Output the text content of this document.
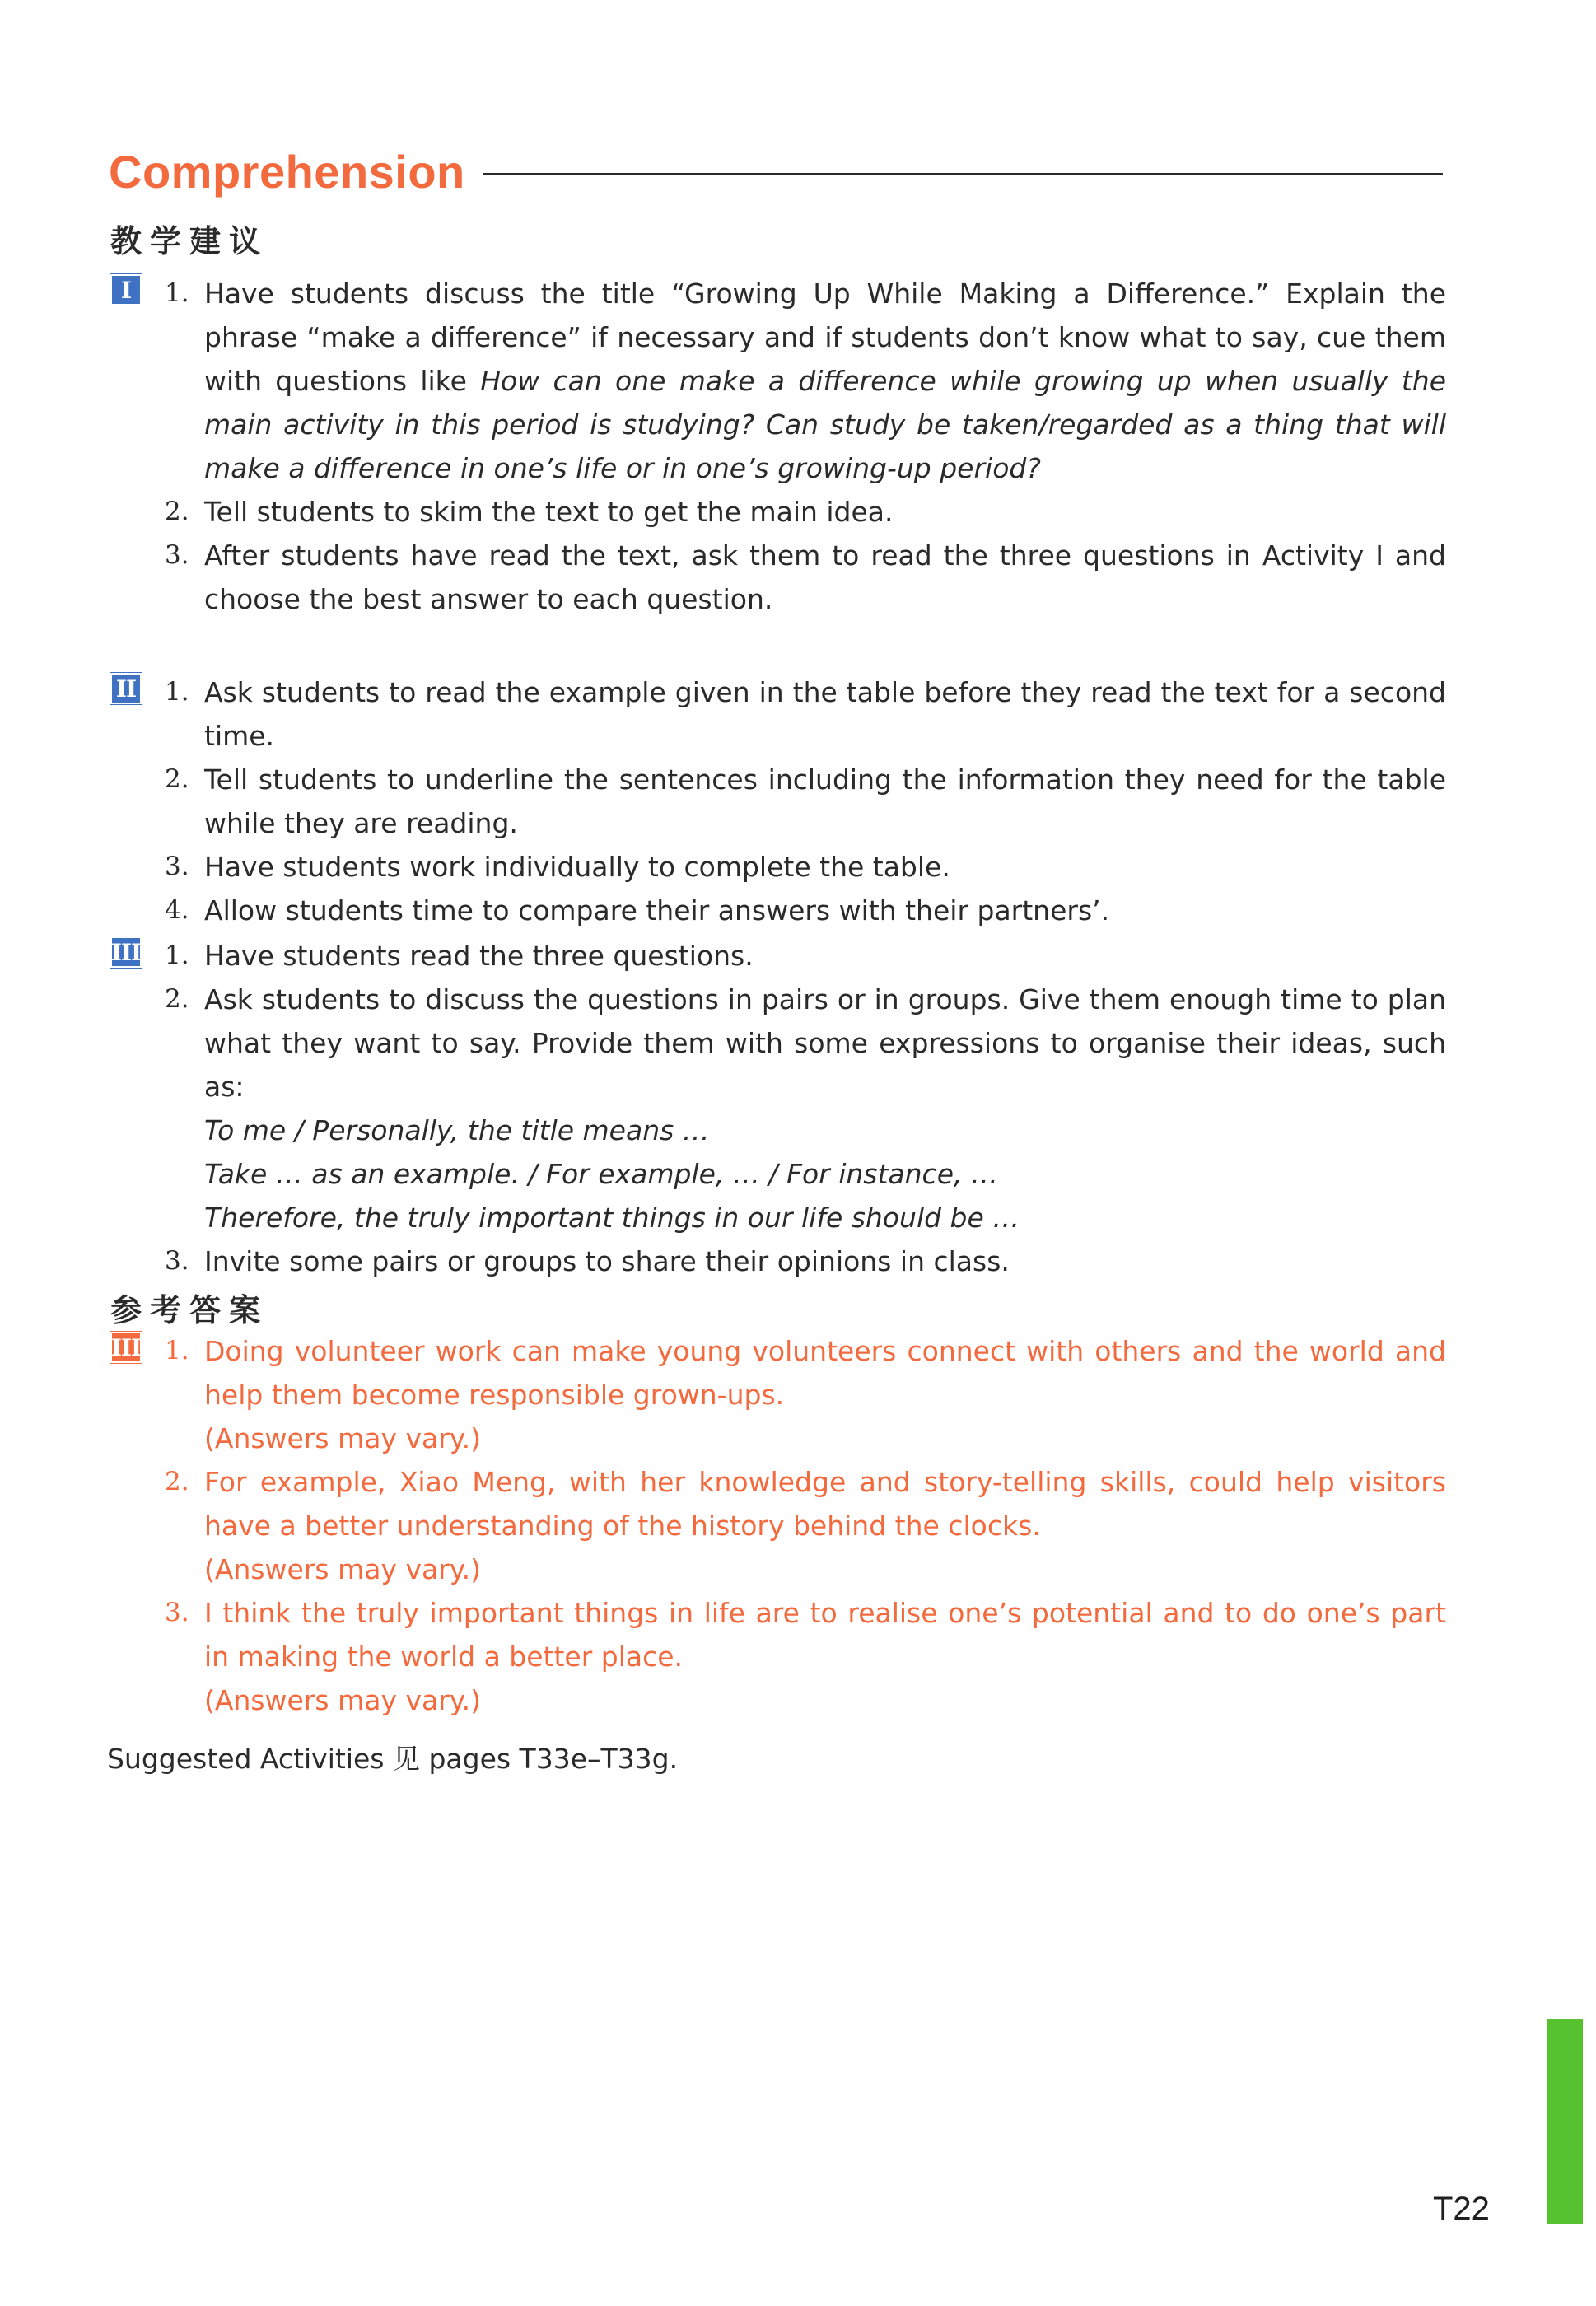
Comprehension
教学建议
I	1. Have students discuss the title “Growing Up While Making a Difference.” Explain the phrase “make a difference” if necessary and if students don’t know what to say, cue them with questions like How can one make a difference while growing up when usually the main activity in this period is studying? Can study be taken/regarded as a thing that will make a difference in one’s life or in one’s growing-up period?
2. Tell students to skim the text to get the main idea.
3. After students have read the text, ask them to read the three questions in Activity I and choose the best answer to each question.
II 1. Ask students to read the example given in the table before they read the text for a second time.
2. Tell students to underline the sentences including the information they need for the table while they are reading.
3. Have students work individually to complete the table.
4. Allow students time to compare their answers with their partners’.
III 1. Have students read the three questions.
2. Ask students to discuss the questions in pairs or in groups. Give them enough time to plan what they want to say. Provide them with some expressions to organise their ideas, such as:
To me / Personally, the title means …
Take … as an example. / For example, … / For instance, …
Therefore, the truly important things in our life should be …
3. Invite some pairs or groups to share their opinions in class.
参考答案
III 1. Doing volunteer work can make young volunteers connect with others and the world and help them become responsible grown-ups.
(Answers may vary.)
2. For example, Xiao Meng, with her knowledge and story-telling skills, could help visitors have a better understanding of the history behind the clocks.
(Answers may vary.)
3. I think the truly important things in life are to realise one’s potential and to do one’s part in making the world a better place.
(Answers may vary.)
Suggested Activities 见 pages T33e–T33g.
T22
